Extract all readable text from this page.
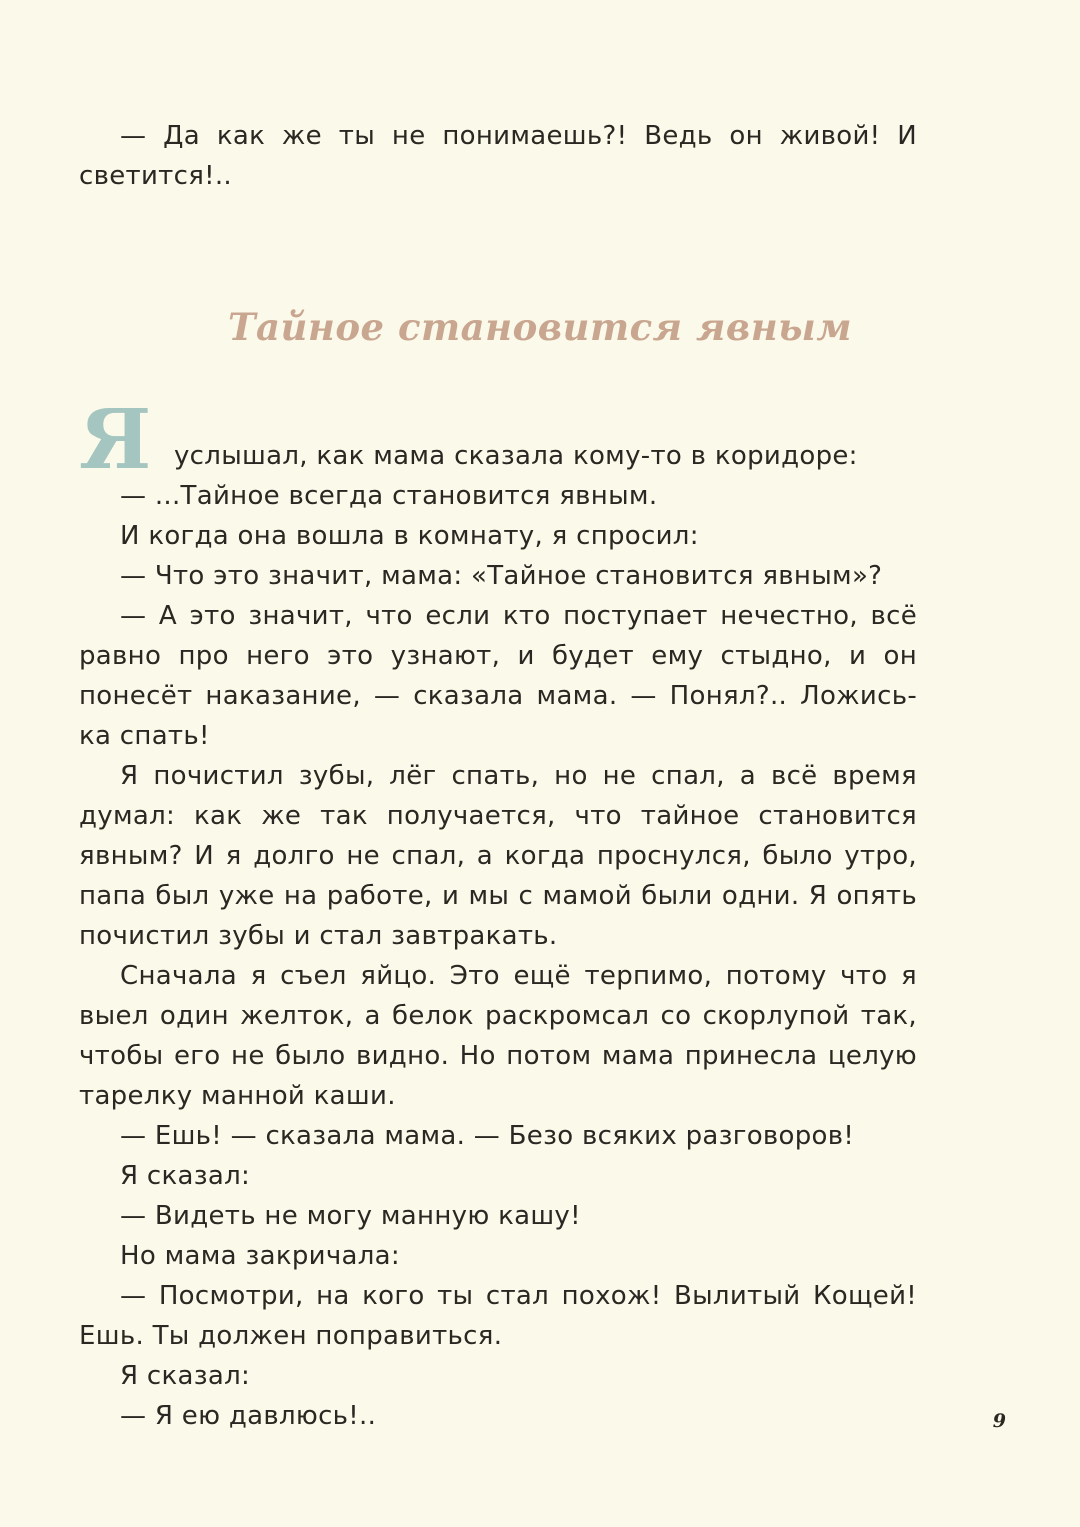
— Да как же ты не понимаешь?! Ведь он живой! И светится!..

Тайное становится явным
Я услышал, как мама сказала кому-то в коридоре:

— ...Тайное всегда становится явным.

И когда она вошла в комнату, я спросил:

— Что это значит, мама: «Тайное становится явным»?

— А это значит, что если кто поступает нечестно, всё равно про него это узнают, и будет ему стыдно, и он понесёт наказание, — сказала мама. — Понял?.. Ложись-ка спать!

Я почистил зубы, лёг спать, но не спал, а всё время думал: как же так получается, что тайное становится явным? И я долго не спал, а когда проснулся, было утро, папа был уже на работе, и мы с мамой были одни. Я опять почистил зубы и стал завтракать.

Сначала я съел яйцо. Это ещё терпимо, потому что я выел один желток, а белок раскромсал со скорлупой так, чтобы его не было видно. Но потом мама принесла целую тарелку манной каши.

— Ешь! — сказала мама. — Безо всяких разговоров!

Я сказал:

— Видеть не могу манную кашу!

Но мама закричала:

— Посмотри, на кого ты стал похож! Вылитый Кощей! Ешь. Ты должен поправиться.

Я сказал:

— Я ею давлюсь!..	9
